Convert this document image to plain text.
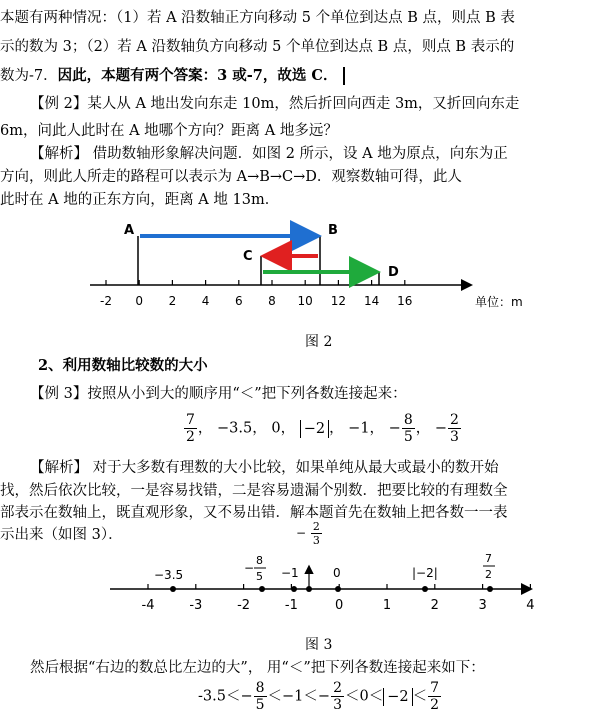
本题有两种情况：（1）若 A 沿数轴正方向移动 5 个单位到达点 B 点，则点 B 表
示的数为 3；（2）若 A 沿数轴负方向移动 5 个单位到达点 B 点，则点 B 表示的
数为-7．因此，本题有两个答案：3 或-7，故选 C．
【例 2】某人从 A 地出发向东走 10m，然后折回向西走 3m，又折回向东走
6m，问此人此时在 A 地哪个方向？距离 A 地多远？
【解析】 借助数轴形象解决问题．如图 2 所示，设 A 地为原点，向东为正
方向，则此人所走的路程可以表示为 A→B→C→D．观察数轴可得，此人
此时在 A 地的正东方向，距离 A 地 13m．
-2 0 2 4 6 8 10 12 14 16
A	B
C
D
单位：m
图 2
2、利用数轴比较数的大小
【例 3】按照从小到大的顺序用“＜”把下列各数连接起来：
$\frac{7}{2}$ ， −3.5， 0， −2 ， −1， − $\frac{8}{5}$ ， − $\frac{2}{3}$
【解析】 对于大多数有理数的大小比较，如果单纯从最大或最小的数开始
找，然后依次比较，一是容易找错，二是容易遗漏个别数．把要比较的有理数全
部表示在数轴上，既直观形象，又不易出错．解本题首先在数轴上把各数一一表
示出来（如图 3）．
-4	-3	-2	-1	0	1	2	3	4
−3.5	−
8
5 −1	0	|−2|
7
2
− $\frac{2}{3}$
图 3
然后根据“右边的数总比左边的大”， 用“＜”把下列各数连接起来如下：
$-3.5<- \frac{8}{5} <-1<- \frac{2}{3} <0< -2 < \frac{7}{2}$
